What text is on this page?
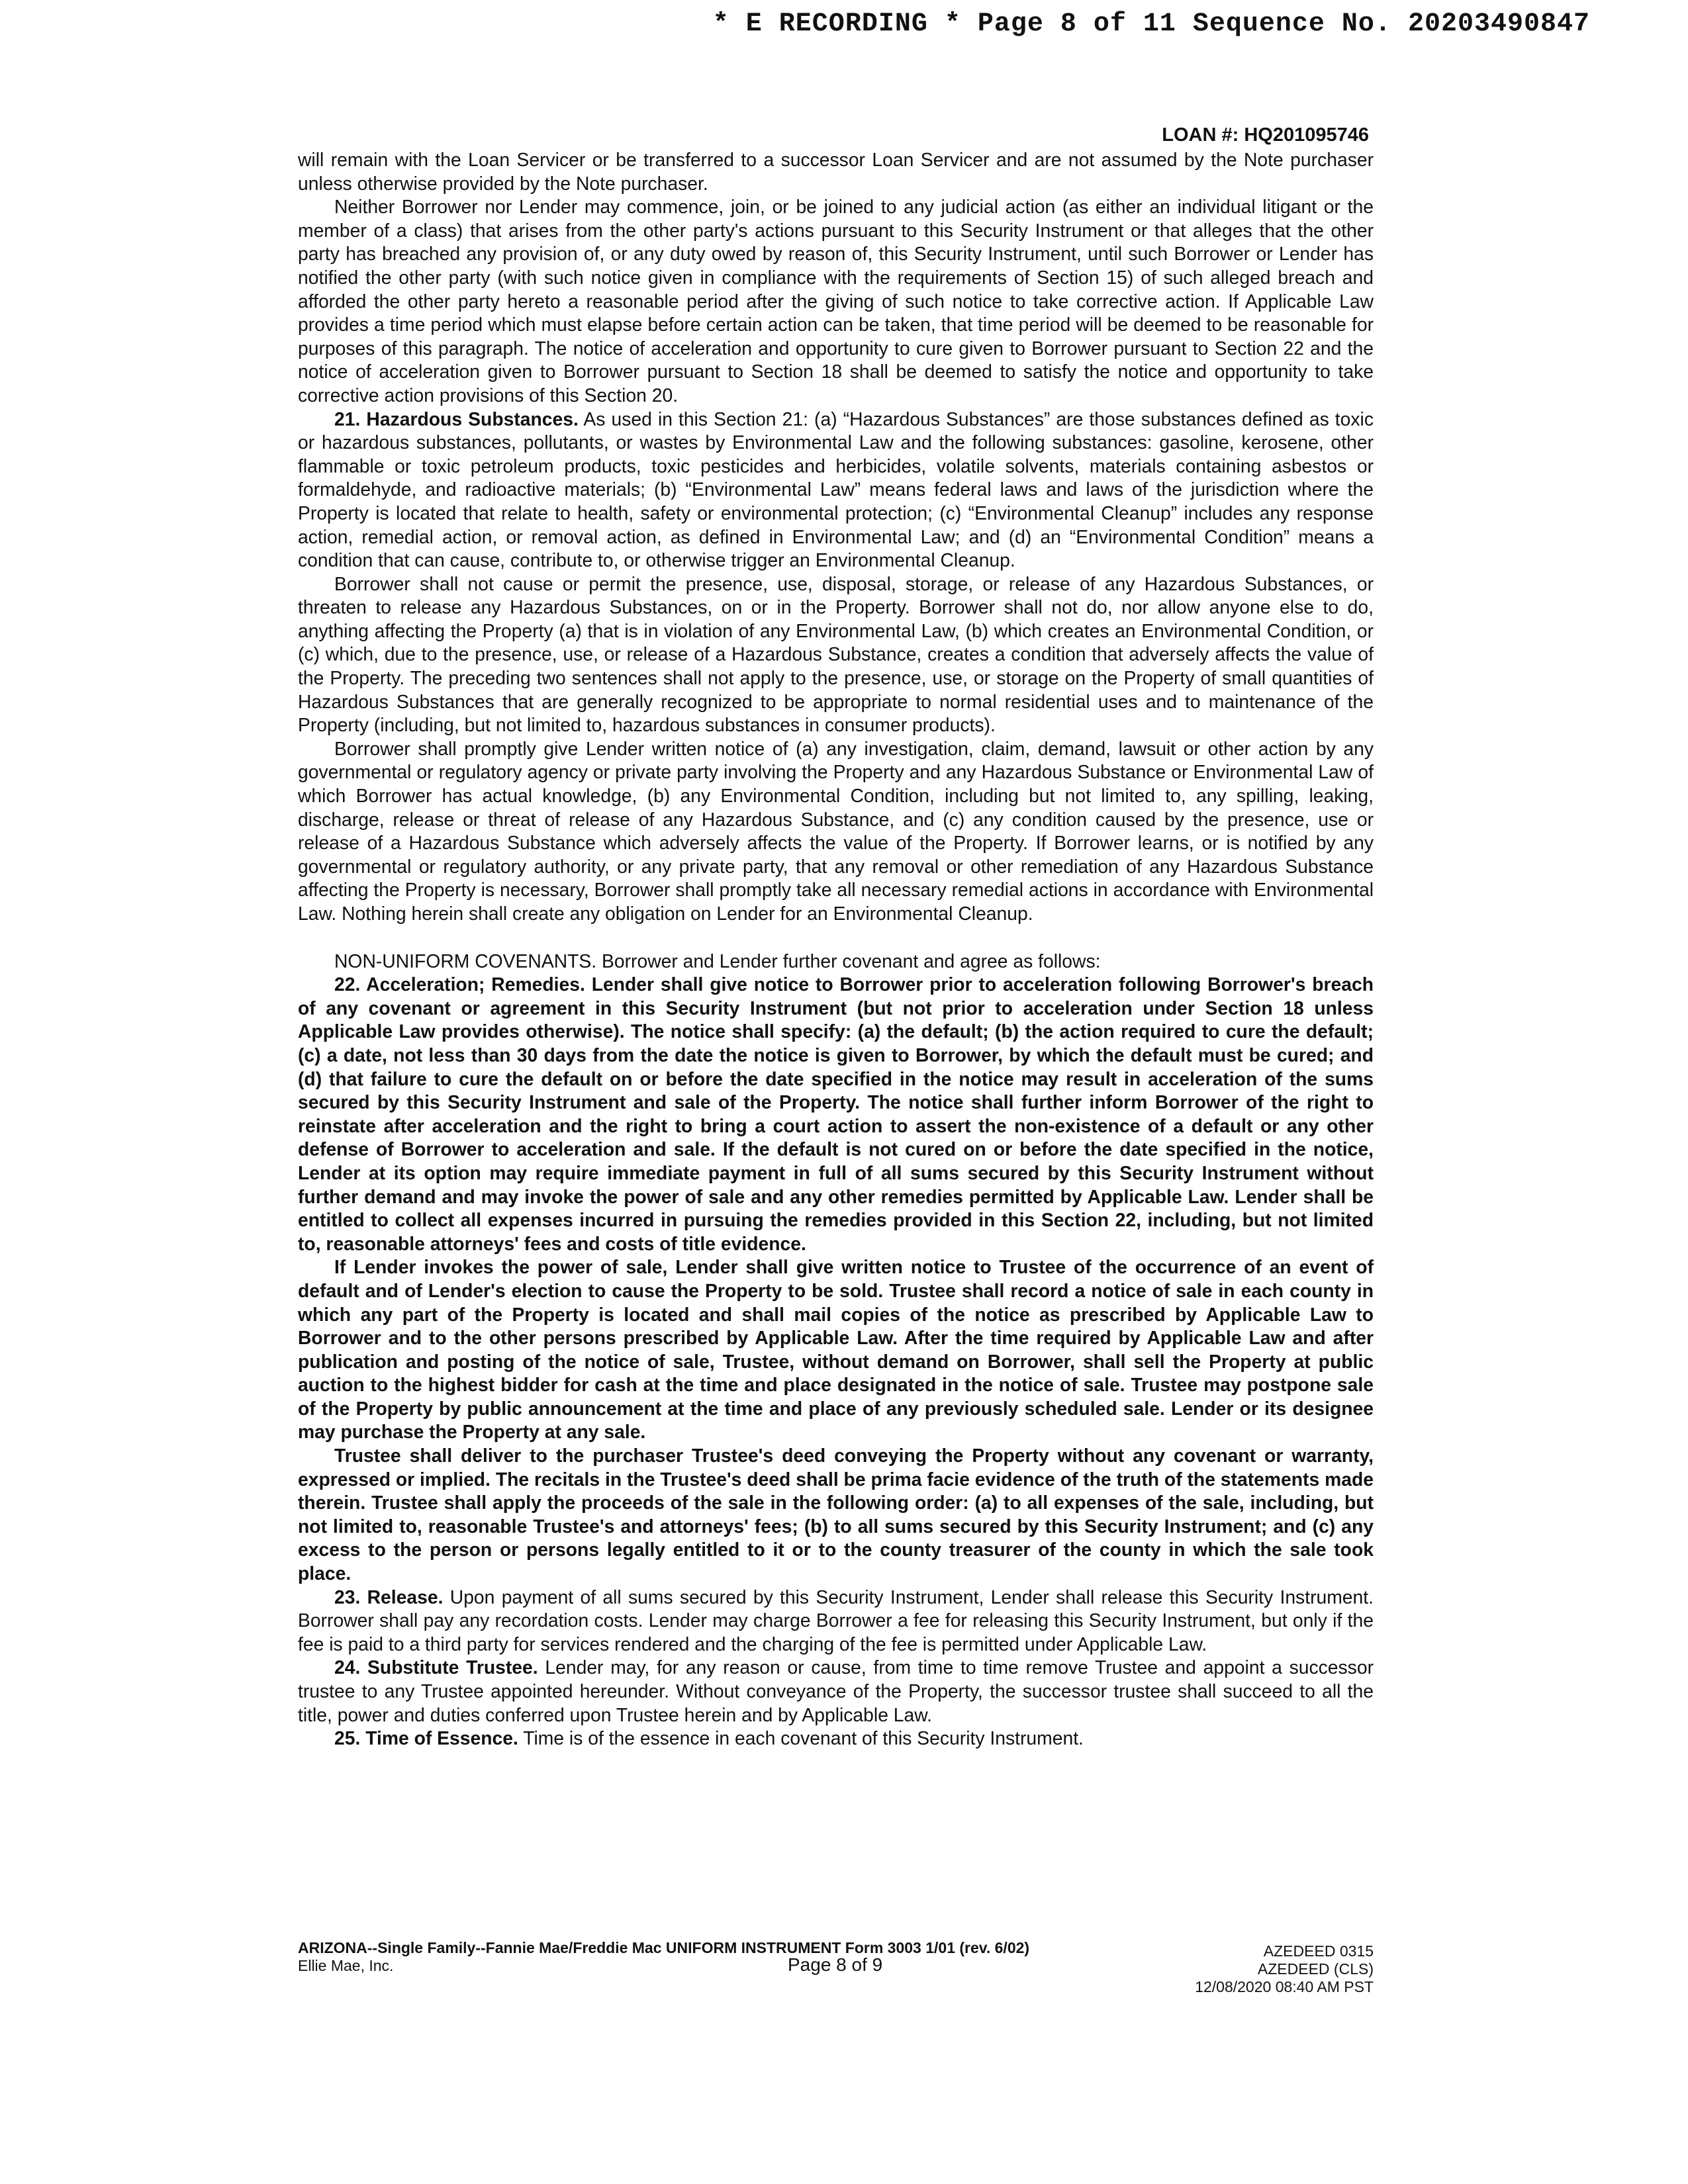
* E RECORDING * Page 8 of 11 Sequence No. 20203490847
LOAN #: HQ201095746

will remain with the Loan Servicer or be transferred to a successor Loan Servicer and are not assumed by the Note purchaser unless otherwise provided by the Note purchaser.

Neither Borrower nor Lender may commence, join, or be joined to any judicial action (as either an individual litigant or the member of a class) that arises from the other party's actions pursuant to this Security Instrument or that alleges that the other party has breached any provision of, or any duty owed by reason of, this Security Instrument, until such Borrower or Lender has notified the other party (with such notice given in compliance with the requirements of Section 15) of such alleged breach and afforded the other party hereto a reasonable period after the giving of such notice to take corrective action. If Applicable Law provides a time period which must elapse before certain action can be taken, that time period will be deemed to be reasonable for purposes of this paragraph. The notice of acceleration and opportunity to cure given to Borrower pursuant to Section 22 and the notice of acceleration given to Borrower pursuant to Section 18 shall be deemed to satisfy the notice and opportunity to take corrective action provisions of this Section 20.

21. Hazardous Substances. As used in this Section 21: (a) “Hazardous Substances” are those substances defined as toxic or hazardous substances, pollutants, or wastes by Environmental Law and the following substances: gasoline, kerosene, other flammable or toxic petroleum products, toxic pesticides and herbicides, volatile solvents, materials containing asbestos or formaldehyde, and radioactive materials; (b) “Environmental Law” means federal laws and laws of the jurisdiction where the Property is located that relate to health, safety or environmental protection; (c) “Environmental Cleanup” includes any response action, remedial action, or removal action, as defined in Environmental Law; and (d) an “Environmental Condition” means a condition that can cause, contribute to, or otherwise trigger an Environmental Cleanup.

Borrower shall not cause or permit the presence, use, disposal, storage, or release of any Hazardous Substances, or threaten to release any Hazardous Substances, on or in the Property. Borrower shall not do, nor allow anyone else to do, anything affecting the Property (a) that is in violation of any Environmental Law, (b) which creates an Environmental Condition, or (c) which, due to the presence, use, or release of a Hazardous Substance, creates a condition that adversely affects the value of the Property. The preceding two sentences shall not apply to the presence, use, or storage on the Property of small quantities of Hazardous Substances that are generally recognized to be appropriate to normal residential uses and to maintenance of the Property (including, but not limited to, hazardous substances in consumer products).

Borrower shall promptly give Lender written notice of (a) any investigation, claim, demand, lawsuit or other action by any governmental or regulatory agency or private party involving the Property and any Hazardous Substance or Environmental Law of which Borrower has actual knowledge, (b) any Environmental Condition, including but not limited to, any spilling, leaking, discharge, release or threat of release of any Hazardous Substance, and (c) any condition caused by the presence, use or release of a Hazardous Substance which adversely affects the value of the Property. If Borrower learns, or is notified by any governmental or regulatory authority, or any private party, that any removal or other remediation of any Hazardous Substance affecting the Property is necessary, Borrower shall promptly take all necessary remedial actions in accordance with Environmental Law. Nothing herein shall create any obligation on Lender for an Environmental Cleanup.

NON-UNIFORM COVENANTS. Borrower and Lender further covenant and agree as follows:

22. Acceleration; Remedies. Lender shall give notice to Borrower prior to acceleration following Borrower's breach of any covenant or agreement in this Security Instrument (but not prior to acceleration under Section 18 unless Applicable Law provides otherwise). The notice shall specify: (a) the default; (b) the action required to cure the default; (c) a date, not less than 30 days from the date the notice is given to Borrower, by which the default must be cured; and (d) that failure to cure the default on or before the date specified in the notice may result in acceleration of the sums secured by this Security Instrument and sale of the Property. The notice shall further inform Borrower of the right to reinstate after acceleration and the right to bring a court action to assert the non-existence of a default or any other defense of Borrower to acceleration and sale. If the default is not cured on or before the date specified in the notice, Lender at its option may require immediate payment in full of all sums secured by this Security Instrument without further demand and may invoke the power of sale and any other remedies permitted by Applicable Law. Lender shall be entitled to collect all expenses incurred in pursuing the remedies provided in this Section 22, including, but not limited to, reasonable attorneys' fees and costs of title evidence.

If Lender invokes the power of sale, Lender shall give written notice to Trustee of the occurrence of an event of default and of Lender's election to cause the Property to be sold. Trustee shall record a notice of sale in each county in which any part of the Property is located and shall mail copies of the notice as prescribed by Applicable Law to Borrower and to the other persons prescribed by Applicable Law. After the time required by Applicable Law and after publication and posting of the notice of sale, Trustee, without demand on Borrower, shall sell the Property at public auction to the highest bidder for cash at the time and place designated in the notice of sale. Trustee may postpone sale of the Property by public announcement at the time and place of any previously scheduled sale. Lender or its designee may purchase the Property at any sale.

Trustee shall deliver to the purchaser Trustee's deed conveying the Property without any covenant or warranty, expressed or implied. The recitals in the Trustee's deed shall be prima facie evidence of the truth of the statements made therein. Trustee shall apply the proceeds of the sale in the following order: (a) to all expenses of the sale, including, but not limited to, reasonable Trustee's and attorneys' fees; (b) to all sums secured by this Security Instrument; and (c) any excess to the person or persons legally entitled to it or to the county treasurer of the county in which the sale took place.

23. Release. Upon payment of all sums secured by this Security Instrument, Lender shall release this Security Instrument. Borrower shall pay any recordation costs. Lender may charge Borrower a fee for releasing this Security Instrument, but only if the fee is paid to a third party for services rendered and the charging of the fee is permitted under Applicable Law.

24. Substitute Trustee. Lender may, for any reason or cause, from time to time remove Trustee and appoint a successor trustee to any Trustee appointed hereunder. Without conveyance of the Property, the successor trustee shall succeed to all the title, power and duties conferred upon Trustee herein and by Applicable Law.

25. Time of Essence. Time is of the essence in each covenant of this Security Instrument.

ARIZONA--Single Family--Fannie Mae/Freddie Mac UNIFORM INSTRUMENT Form 3003 1/01 (rev. 6/02)
Ellie Mae, Inc.	Page 8 of 9
AZEDEED 0315
AZEDEED (CLS)
12/08/2020 08:40 AM PST
